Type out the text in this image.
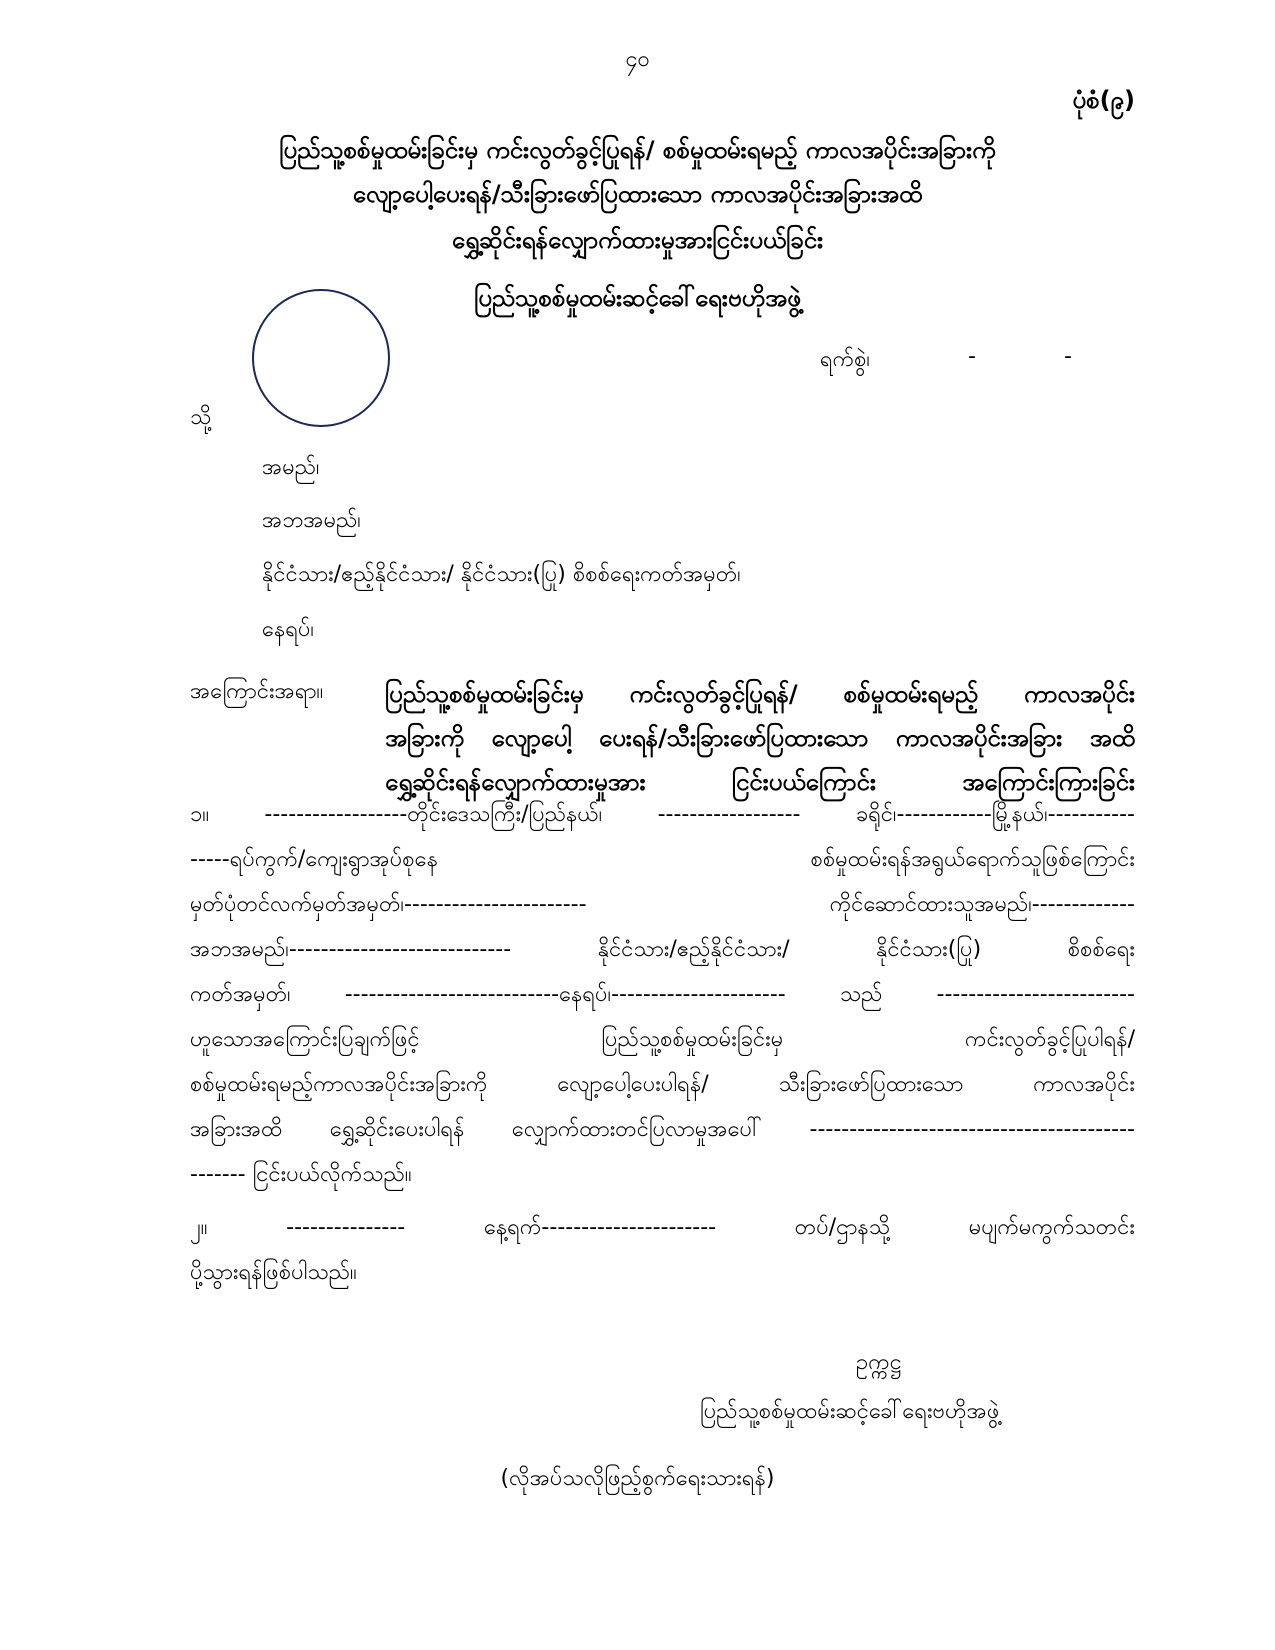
၄၀
ပုံစံ(၉)
ပြည်သူ့စစ်မှုထမ်းခြင်းမှ ကင်းလွတ်ခွင့်ပြုရန်/ စစ်မှုထမ်းရမည့် ကာလအပိုင်းအခြားကို
လျော့ပေါ့ပေးရန်/သီးခြားဖော်ပြထားသော ကာလအပိုင်းအခြားအထိ
ရွှေ့ဆိုင်းရန်လျှောက်ထားမှုအားငြင်းပယ်ခြင်း
ပြည်သူ့စစ်မှုထမ်းဆင့်ခေါ်ရေးဗဟိုအဖွဲ့
ရက်စွဲ၊	-	-
သို့
အမည်၊
အဘအမည်၊
နိုင်ငံသား/ဧည့်နိုင်ငံသား/ နိုင်ငံသား(ပြု) စိစစ်ရေးကတ်အမှတ်၊
နေရပ်၊
အကြောင်းအရာ။	ပြည်သူ့စစ်မှုထမ်းခြင်းမှ ကင်းလွတ်ခွင့်ပြုရန်/ စစ်မှုထမ်းရမည့် ကာလအပိုင်း
အခြားကို လျော့ပေါ့ ပေးရန်/သီးခြားဖော်ပြထားသော ကာလအပိုင်းအခြား အထိ
ရွှေ့ဆိုင်းရန်လျှောက်ထားမှုအား ငြင်းပယ်ကြောင်း အကြောင်းကြားခြင်း
၁။ ------------------တိုင်းဒေသကြီး/ပြည်နယ်၊ ------------------ ခရိုင်၊------------မြို့နယ်၊-----------
-----ရပ်ကွက်/ကျေးရွာအုပ်စုနေ စစ်မှုထမ်းရန်အရွယ်ရောက်သူဖြစ်ကြောင်း
မှတ်ပုံတင်လက်မှတ်အမှတ်၊----------------------- ကိုင်ဆောင်ထားသူအမည်၊-------------
အဘအမည်၊---------------------------- နိုင်ငံသား/ဧည့်နိုင်ငံသား/ နိုင်ငံသား(ပြု) စိစစ်ရေး
ကတ်အမှတ်၊ ---------------------------နေရပ်၊---------------------- သည် -------------------------
ဟူသောအကြောင်းပြချက်ဖြင့် ပြည်သူ့စစ်မှုထမ်းခြင်းမှ ကင်းလွတ်ခွင့်ပြုပါရန်/
စစ်မှုထမ်းရမည့်ကာလအပိုင်းအခြားကို လျော့ပေါ့ပေးပါရန်/ သီးခြားဖော်ပြထားသော ကာလအပိုင်း
အခြားအထိ ရွှေ့ဆိုင်းပေးပါရန် လျှောက်ထားတင်ပြလာမှုအပေါ် -----------------------------------------
------- ငြင်းပယ်လိုက်သည်။
၂။ --------------- နေ့ရက်---------------------- တပ်/ဌာနသို့ မပျက်မကွက်သတင်း
ပို့သွားရန်ဖြစ်ပါသည်။
ဥက္ကဋ္ဌ
ပြည်သူ့စစ်မှုထမ်းဆင့်ခေါ်ရေးဗဟိုအဖွဲ့
(လိုအပ်သလိုဖြည့်စွက်ရေးသားရန်)
